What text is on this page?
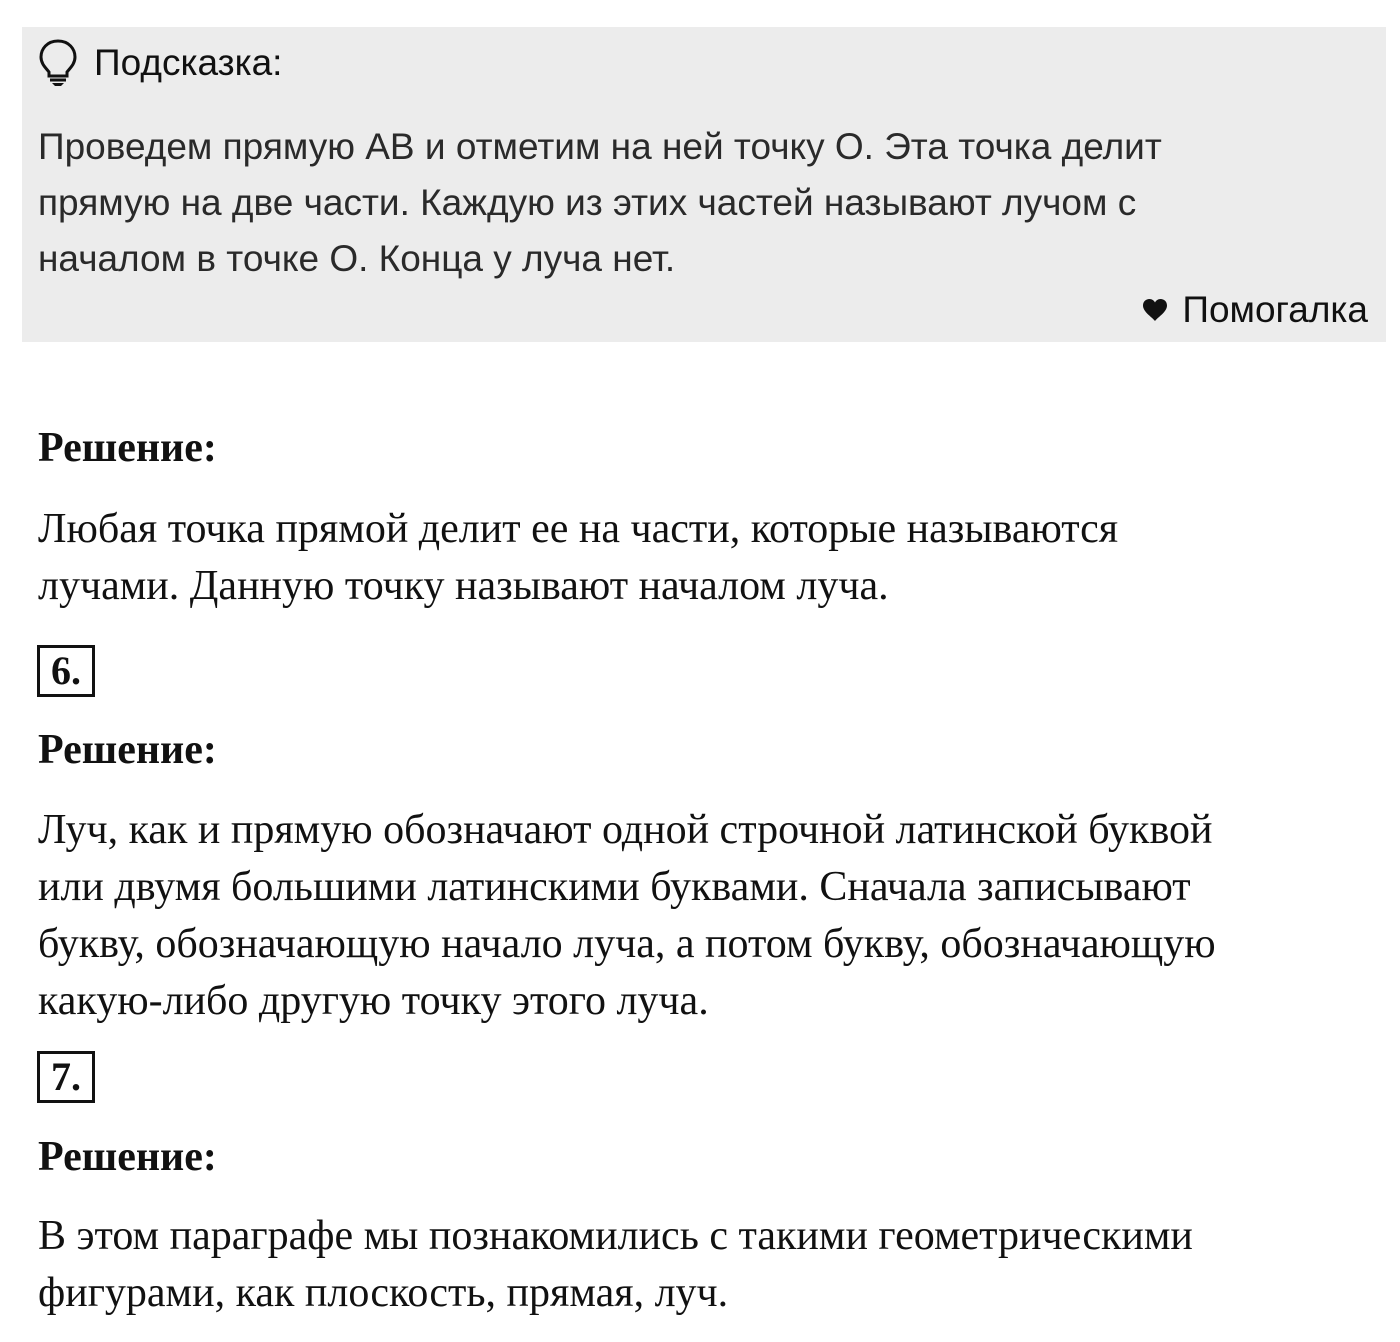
Подсказка:
Проведем прямую АВ и отметим на ней точку О. Эта точка делит
прямую на две части. Каждую из этих частей называют лучом с
началом в точке О. Конца у луча нет.
Помогалка
Решение:
Любая точка прямой делит ее на части, которые называются
лучами. Данную точку называют началом луча.
6.
Решение:
Луч, как и прямую обозначают одной строчной латинской буквой
или двумя большими латинскими буквами. Сначала записывают
букву, обозначающую начало луча, а потом букву, обозначающую
какую-либо другую точку этого луча.
7.
Решение:
В этом параграфе мы познакомились с такими геометрическими
фигурами, как плоскость, прямая, луч.
